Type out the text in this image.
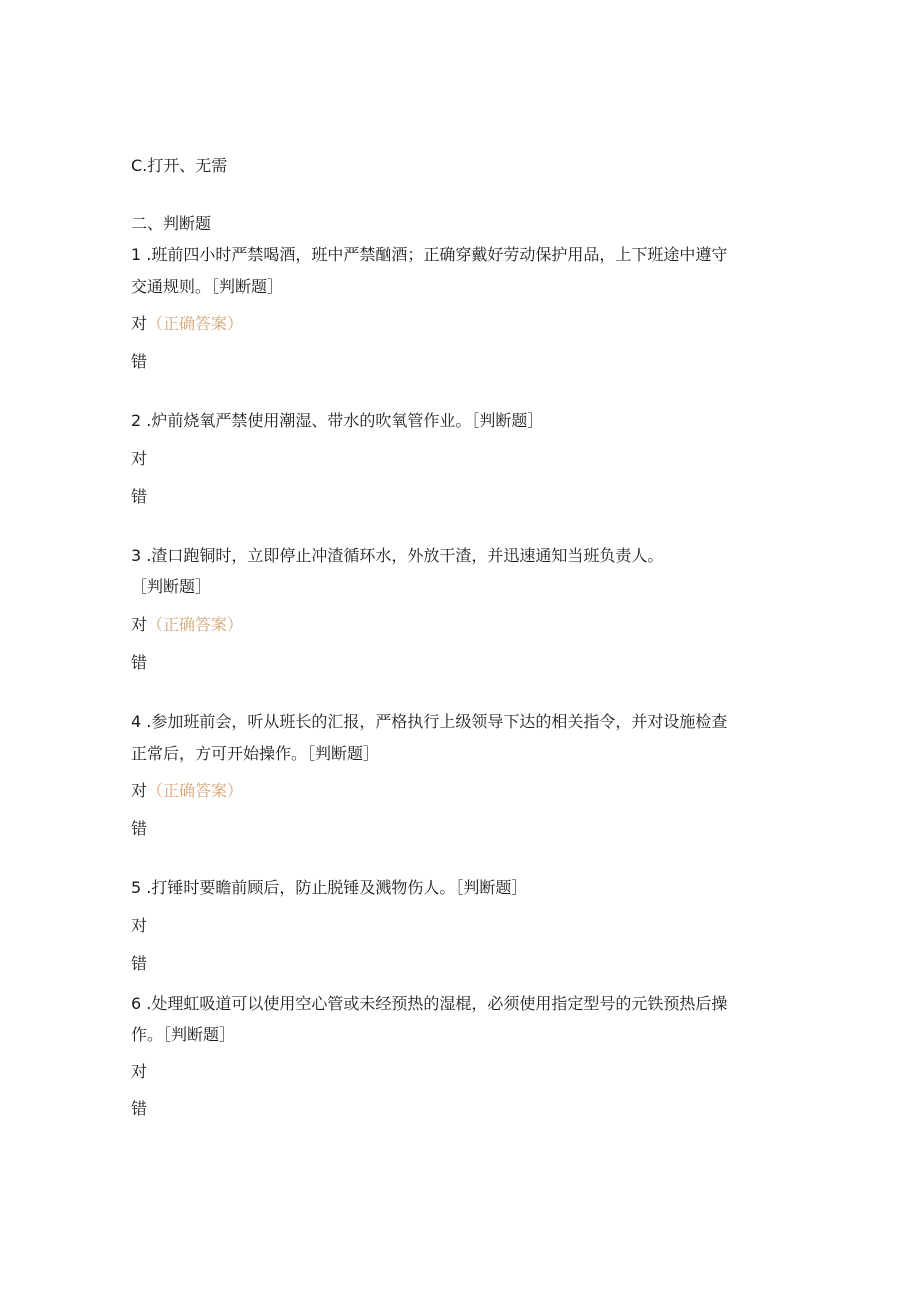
C.打开、无需
二、判断题
1 .班前四小时严禁喝酒，班中严禁酗酒；正确穿戴好劳动保护用品，上下班途中遵守
交通规则。［判断题］
对（正确答案）
错
2 .炉前烧氧严禁使用潮湿、带水的吹氧管作业。［判断题］
对
错
3 .渣口跑铜时，立即停止冲渣循环水，外放干渣，并迅速通知当班负责人。
［判断题］
对（正确答案）
错
4 .参加班前会，听从班长的汇报，严格执行上级领导下达的相关指令，并对设施检查
正常后，方可开始操作。［判断题］
对（正确答案）
错
5 .打锤时要瞻前顾后，防止脱锤及溅物伤人。［判断题］
对
错
6 .处理虹吸道可以使用空心管或未经预热的湿棍，必须使用指定型号的元铁预热后操
作。［判断题］
对
错
